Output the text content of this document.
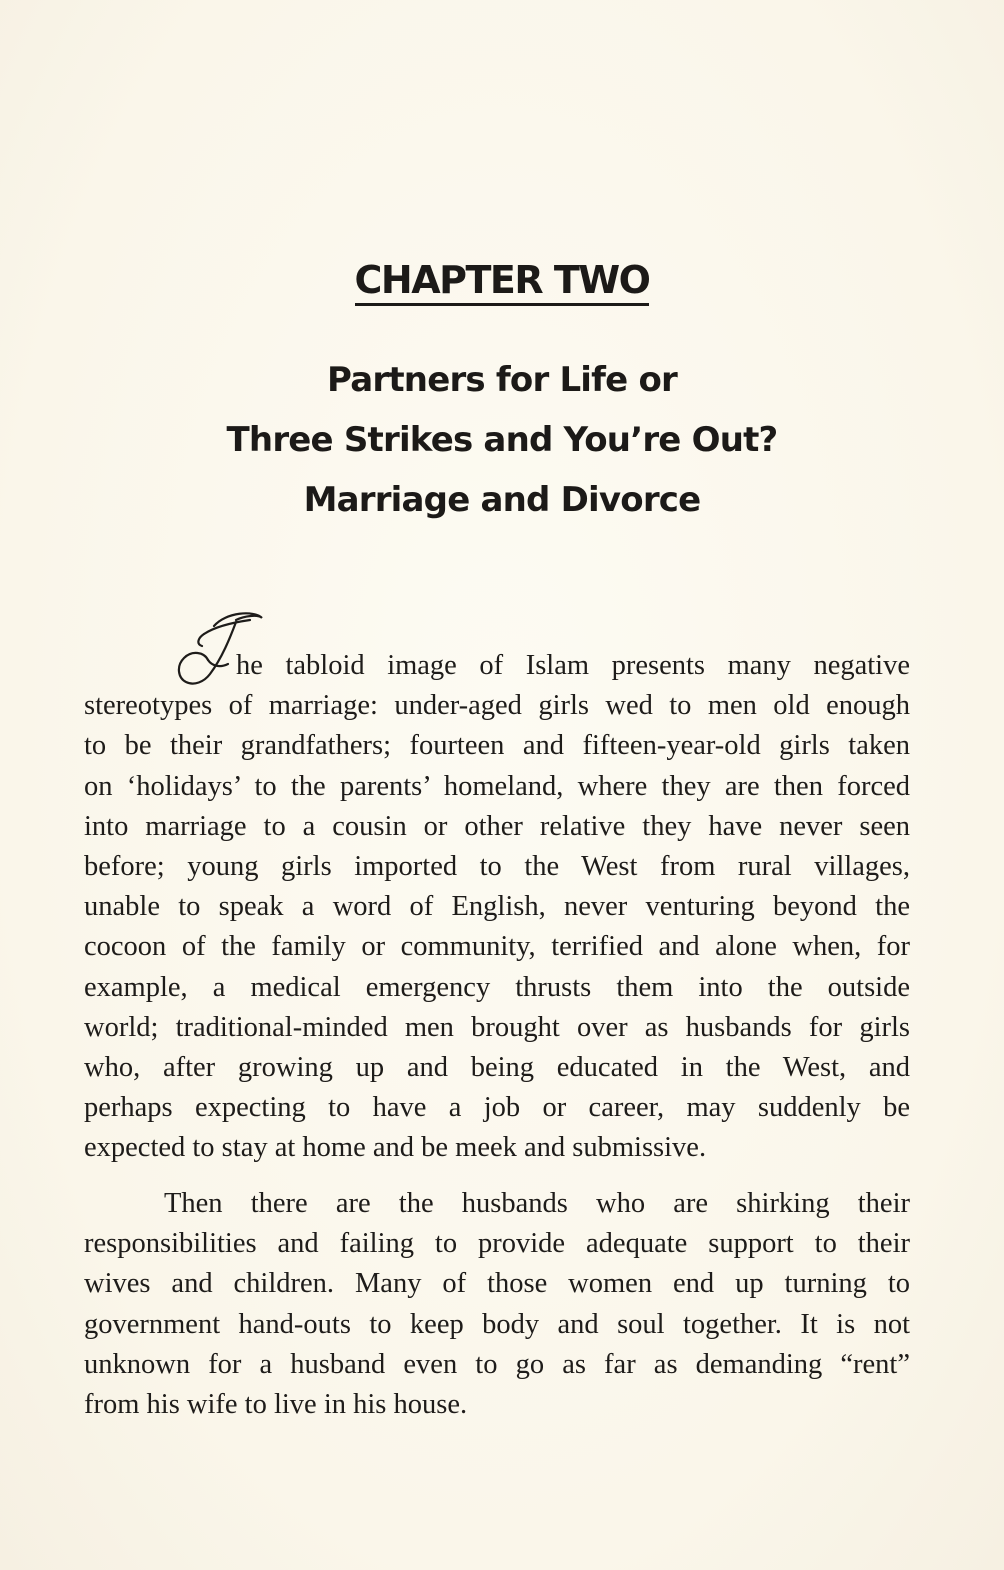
CHAPTER TWO
Partners for Life or
Three Strikes and You’re Out?
Marriage and Divorce
he tabloid image of Islam presents many negative
stereotypes of marriage: under-aged girls wed to men old enough
to be their grandfathers; fourteen and fifteen-year-old girls taken
on ‘holidays’ to the parents’ homeland, where they are then forced
into marriage to a cousin or other relative they have never seen
before; young girls imported to the West from rural villages,
unable to speak a word of English, never venturing beyond the
cocoon of the family or community, terrified and alone when, for
example, a medical emergency thrusts them into the outside
world; traditional-minded men brought over as husbands for girls
who, after growing up and being educated in the West, and
perhaps expecting to have a job or career, may suddenly be
expected to stay at home and be meek and submissive.
Then there are the husbands who are shirking their
responsibilities and failing to provide adequate support to their
wives and children. Many of those women end up turning to
government hand-outs to keep body and soul together. It is not
unknown for a husband even to go as far as demanding “rent”
from his wife to live in his house.
